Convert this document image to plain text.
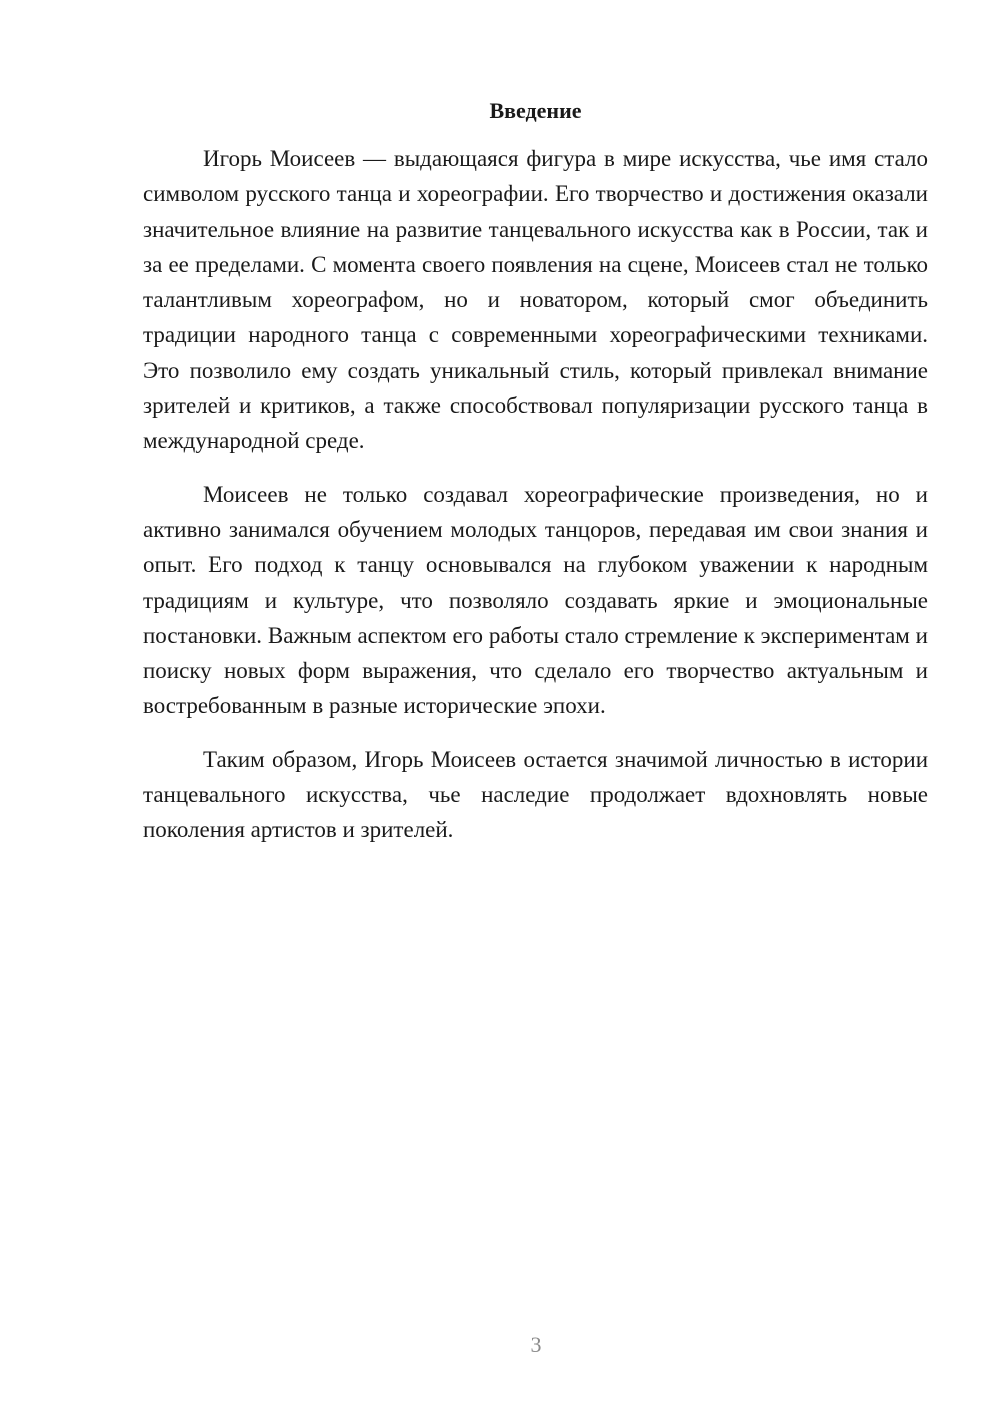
Введение

Игорь Моисеев — выдающаяся фигура в мире искусства, чье имя стало символом русского танца и хореографии. Его творчество и достижения оказали значительное влияние на развитие танцевального искусства как в России, так и за ее пределами. С момента своего появления на сцене, Моисеев стал не только талантливым хореографом, но и новатором, который смог объединить традиции народного танца с современными хореографическими техниками. Это позволило ему создать уникальный стиль, который привлекал внимание зрителей и критиков, а также способствовал популяризации русского танца в международной среде.

Моисеев не только создавал хореографические произведения, но и активно занимался обучением молодых танцоров, передавая им свои знания и опыт. Его подход к танцу основывался на глубоком уважении к народным традициям и культуре, что позволяло создавать яркие и эмоциональные постановки. Важным аспектом его работы стало стремление к экспериментам и поиску новых форм выражения, что сделало его творчество актуальным и востребованным в разные исторические эпохи.

Таким образом, Игорь Моисеев остается значимой личностью в истории танцевального искусства, чье наследие продолжает вдохновлять новые поколения артистов и зрителей.

3
